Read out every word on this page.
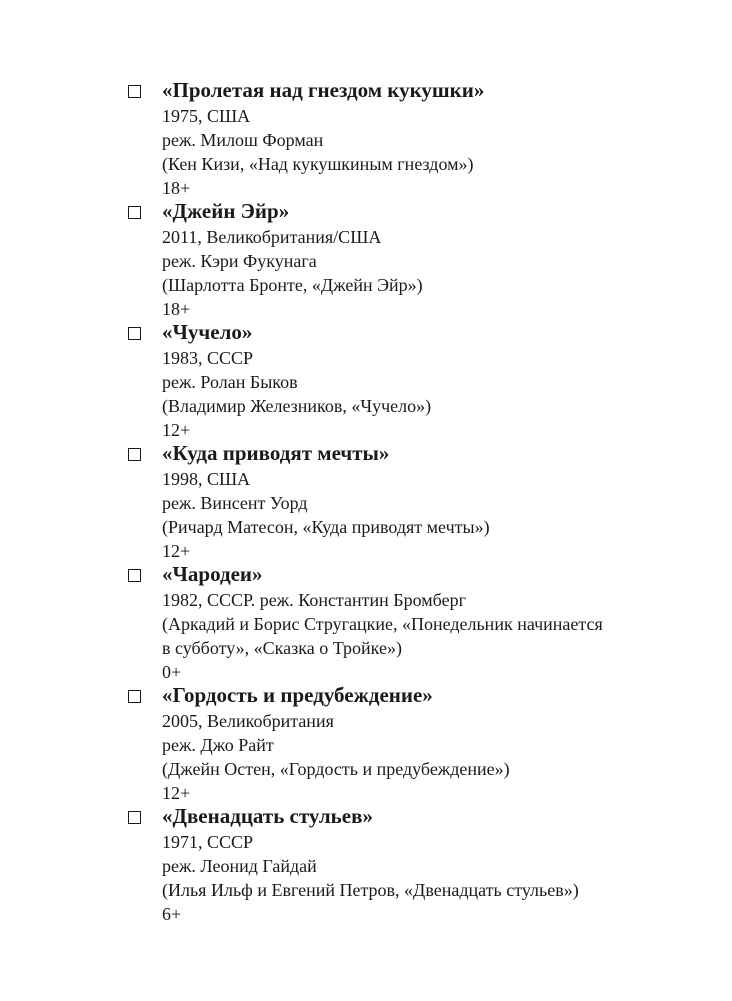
«Пролетая над гнездом кукушки»
1975, США
реж. Милош Форман
(Кен Кизи, «Над кукушкиным гнездом»)
18+
«Джейн Эйр»
2011, Великобритания/США
реж. Кэри Фукунага
(Шарлотта Бронте, «Джейн Эйр»)
18+
«Чучело»
1983, СССР
реж. Ролан Быков
(Владимир Железников, «Чучело»)
12+
«Куда приводят мечты»
1998, США
реж. Винсент Уорд
(Ричард Матесон, «Куда приводят мечты»)
12+
«Чародеи»
1982, СССР. реж. Константин Бромберг
(Аркадий и Борис Стругацкие, «Понедельник начинается
в субботу», «Сказка о Тройке»)
0+
«Гордость и предубеждение»
2005, Великобритания
реж. Джо Райт
(Джейн Остен, «Гордость и предубеждение»)
12+
«Двенадцать стульев»
1971, СССР
реж. Леонид Гайдай
(Илья Ильф и Евгений Петров, «Двенадцать стульев»)
6+
